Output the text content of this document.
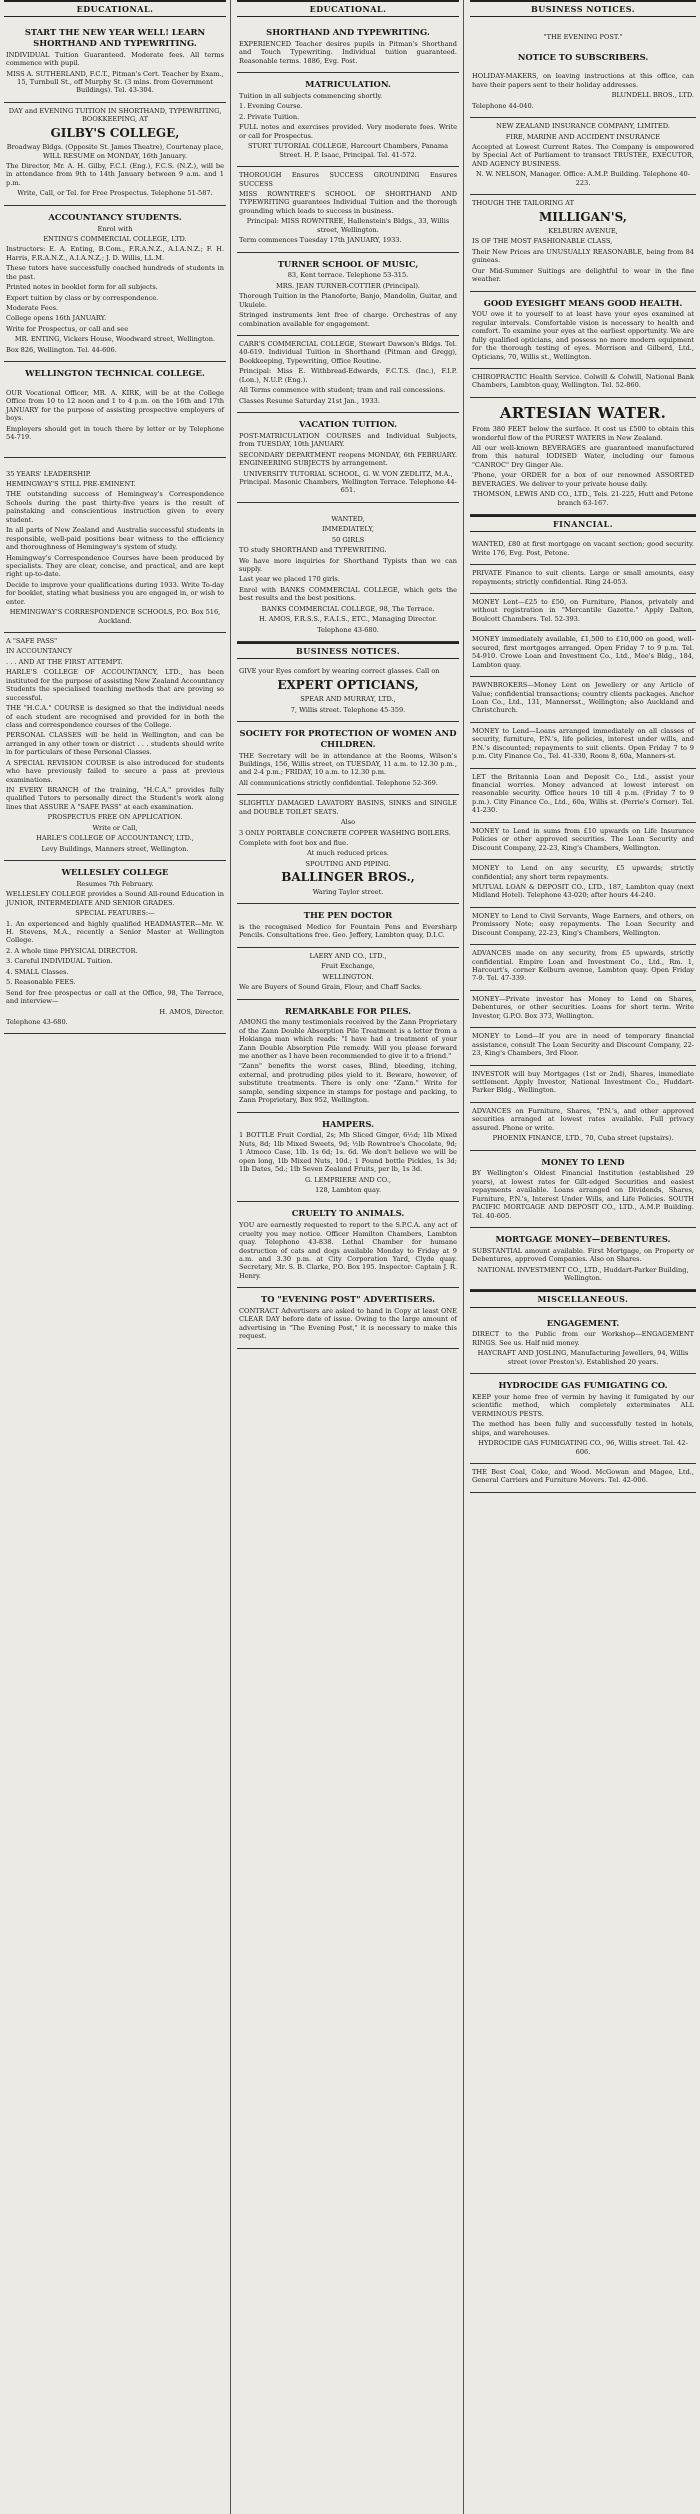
EDUCATIONAL.

START THE NEW YEAR WELL! LEARN SHORTHAND AND TYPEWRITING.

INDIVIDUAL Tuition Guaranteed. Moderate fees. All terms commence with pupil.

MISS A. SUTHERLAND, F.C.T., Pitman's Cert. Teacher by Exam., 15, Turnbull St., off Murphy St. (3 mins. from Government Buildings). Tel. 43-304.

DAY and EVENING TUITION IN SHORTHAND, TYPEWRITING, BOOKKEEPING, AT

GILBY'S COLLEGE,

Broadway Bldgs. (Opposite St. James Theatre), Courtenay place, WILL RESUME on MONDAY, 16th January.

The Director, Mr. A. H. Gilby, F.C.I. (Eng.), F.C.S. (N.Z.), will be in attendance from 9th to 14th January between 9 a.m. and 1 p.m.

Write, Call, or Tel. for Free Prospectus. Telephone 51-587.

ACCOUNTANCY STUDENTS.

Enrol with

ENTING'S COMMERCIAL COLLEGE, LTD.

Instructors: E. A. Enting, B.Com., F.R.A.N.Z., A.I.A.N.Z.; F. H. Harris, F.R.A.N.Z., A.I.A.N.Z.; J. D. Willis, LL.M.

These tutors have successfully coached hundreds of students in the past.

Printed notes in booklet form for all subjects.

Expert tuition by class or by correspondence.

Moderate Fees.

College opens 16th JANUARY.

Write for Prospectus, or call and see

MR. ENTING, Vickers House, Woodward street, Wellington.

Box 826, Wellington. Tel. 44-606.

WELLINGTON TECHNICAL COLLEGE.

OUR Vocational Officer, MR. A. KIRK, will be at the College Office from 10 to 12 noon and 1 to 4 p.m. on the 16th and 17th JANUARY for the purpose of assisting prospective employers of boys.

Employers should get in touch there by letter or by Telephone 54-719.

35 YEARS' LEADERSHIP.

HEMINGWAY'S STILL PRE-EMINENT.

THE outstanding success of Hemingway's Correspondence Schools during the past thirty-five years is the result of painstaking and conscientious instruction given to every student.

In all parts of New Zealand and Australia successful students in responsible, well-paid positions bear witness to the efficiency and thoroughness of Hemingway's system of study.

Hemingway's Correspondence Courses have been produced by specialists. They are clear, concise, and practical, and are kept right up-to-date.

Decide to improve your qualifications during 1933. Write To-day for booklet, stating what business you are engaged in, or wish to enter.

HEMINGWAY'S CORRESPONDENCE SCHOOLS, P.O. Box 516, Auckland.

A "SAFE PASS"

IN ACCOUNTANCY

. . . AND AT THE FIRST ATTEMPT.

HARLE'S COLLEGE OF ACCOUNTANCY, LTD., has been instituted for the purpose of assisting New Zealand Accountancy Students the specialised teaching methods that are proving so successful.

THE "H.C.A." COURSE is designed so that the individual needs of each student are recognised and provided for in both the class and correspondence courses of the College.

PERSONAL CLASSES will be held in Wellington, and can be arranged in any other town or district . . . students should write in for particulars of these Personal Classes.

A SPECIAL REVISION COURSE is also introduced for students who have previously failed to secure a pass at previous examinations.

IN EVERY BRANCH of the training, "H.C.A." provides fully qualified Tutors to personally direct the Student's work along lines that ASSURE A "SAFE PASS" at each examination.

PROSPECTUS FREE ON APPLICATION.

Write or Call,

HARLE'S COLLEGE OF ACCOUNTANCY, LTD.,

Levy Buildings, Manners street, Wellington.

WELLESLEY COLLEGE

Resumes 7th February.

WELLESLEY COLLEGE provides a Sound All-round Education in JUNIOR, INTERMEDIATE AND SENIOR GRADES.

SPECIAL FEATURES:—

1. An experienced and highly qualified HEADMASTER—Mr. W. H. Stevens, M.A., recently a Senior Master at Wellington College.

2. A whole time PHYSICAL DIRECTOR.

3. Careful INDIVIDUAL Tuition.

4. SMALL Classes.

5. Reasonable FEES.

Send for free prospectus or call at the Office, 98, The Terrace, and interview—

H. AMOS, Director.

Telephone 43-680.

EDUCATIONAL.

SHORTHAND AND TYPEWRITING.

EXPERIENCED Teacher desires pupils in Pitman's Shorthand and Touch Typewriting. Individual tuition guaranteed. Reasonable terms. 1886, Evg. Post.

MATRICULATION.

Tuition in all subjects commencing shortly.

1. Evening Course.

2. Private Tuition.

FULL notes and exercises provided. Very moderate fees. Write or call for Prospectus.

STURT TUTORIAL COLLEGE, Harcourt Chambers, Panama Street. H. P. Isaac, Principal. Tel. 41-572.

THOROUGH Ensures SUCCESS GROUNDING Ensures SUCCESS

MISS ROWNTREE'S SCHOOL OF SHORTHAND AND TYPEWRITING guarantees Individual Tuition and the thorough grounding which leads to success in business.

Principal: MISS ROWNTREE, Hallenstein's Bldgs., 33, Willis street, Wellington.

Term commences Tuesday 17th JANUARY, 1933.

TURNER SCHOOL OF MUSIC,

83, Kent terrace. Telephone 53-315.

MRS. JEAN TURNER-COTTIER (Principal).

Thorough Tuition in the Pianoforte, Banjo, Mandolin, Guitar, and Ukulele.

Stringed instruments lent free of charge. Orchestras of any combination available for engagement.

CARR'S COMMERCIAL COLLEGE, Stewart Dawson's Bldgs. Tel. 40-619. Individual Tuition in Shorthand (Pitman and Gregg), Bookkeeping, Typewriting, Office Routine.

Principal: Miss E. Withbread-Edwards, F.C.T.S. (Inc.), F.I.P. (Lon.), N.U.P. (Eng.).

All Terms commence with student; tram and rail concessions.

Classes Resume Saturday 21st Jan., 1933.

VACATION TUITION.

POST-MATRICULATION COURSES and Individual Subjects, from TUESDAY, 10th JANUARY.

SECONDARY DEPARTMENT reopens MONDAY, 6th FEBRUARY. ENGINEERING SUBJECTS by arrangement.

UNIVERSITY TUTORIAL SCHOOL, G. W. VON ZEDLITZ, M.A., Principal. Masonic Chambers, Wellington Terrace. Telephone 44-651.

WANTED,

IMMEDIATELY,

50 GIRLS

TO study SHORTHAND and TYPEWRITING.

We have more inquiries for Shorthand Typists than we can supply.

Last year we placed 170 girls.

Enrol with BANKS COMMERCIAL COLLEGE, which gets the best results and the best positions.

BANKS COMMERCIAL COLLEGE, 98, The Terrace.

H. AMOS, F.R.S.S., F.A.I.S., ETC., Managing Director.

Telephone 43-680.

BUSINESS NOTICES.

GIVE your Eyes comfort by wearing correct glasses. Call on

EXPERT OPTICIANS,

SPEAR AND MURRAY, LTD.,

7, Willis street. Telephone 45-359.

SOCIETY FOR PROTECTION OF WOMEN AND CHILDREN.

THE Secretary will be in attendance at the Rooms, Wilson's Buildings, 156, Willis street, on TUESDAY, 11 a.m. to 12.30 p.m., and 2-4 p.m.; FRIDAY, 10 a.m. to 12.30 p.m.

All communications strictly confidential. Telephone 52-369.

SLIGHTLY DAMAGED LAVATORY BASINS, SINKS and SINGLE and DOUBLE TOILET SEATS.

Also

3 ONLY PORTABLE CONCRETE COPPER WASHING BOILERS.

Complete with foot box and flue.

At much reduced prices.

SPOUTING AND PIPING.

BALLINGER BROS.,

Waring Taylor street.

THE PEN DOCTOR

is the recognised Medico for Fountain Pens and Eversharp Pencils. Consultations free. Geo. Jeffery, Lambton quay, D.I.C.

LAERY AND CO., LTD.,

Fruit Exchange,

WELLINGTON.

We are Buyers of Sound Grain, Flour, and Chaff Sacks.

REMARKABLE FOR PILES.

AMONG the many testimonials received by the Zann Proprietary of the Zann Double Absorption Pile Treatment is a letter from a Hokianga man which reads: "I have had a treatment of your Zann Double Absorption Pile remedy. Will you please forward me another as I have been recommended to give it to a friend."

"Zann" benefits the worst cases, Blind, bleeding, itching, external, and protruding piles yield to it. Beware, however, of substitute treatments. There is only one "Zann." Write for sample, sending sixpence in stamps for postage and packing, to Zann Proprietary, Box 952, Wellington.

HAMPERS.

1 BOTTLE Fruit Cordial, 2s; Mb Sliced Ginger, 6½d; 1lb Mixed Nuts, 8d; 1lb Mixed Sweets, 9d; ½lb Rowntree's Chocolate, 9d; 1 Atmoco Case, 1lb. 1s 6d; 1s. 6d. We don't believe we will be open long, 1lb Mixed Nuts, 10d.; 1 Pound bottle Pickles, 1s 3d; 1lb Dates, 5d.; 1lb Seven Zealand Fruits, per lb, 1s 3d.

G. LEMPRIERE AND CO.,

128, Lambton quay.

CRUELTY TO ANIMALS.

YOU are earnestly requested to report to the S.P.C.A. any act of cruelty you may notice. Officer Hamilton Chambers, Lambton quay. Telephone 43-838. Lethal Chamber for humane destruction of cats and dogs available Monday to Friday at 9 a.m. and 3.30 p.m. at City Corporation Yard, Clyde quay. Secretary, Mr. S. B. Clarke, P.O. Box 195. Inspector: Captain J. R. Henry.

TO "EVENING POST" ADVERTISERS.

CONTRACT Advertisers are asked to hand in Copy at least ONE CLEAR DAY before date of issue. Owing to the large amount of advertising in "The Evening Post," it is necessary to make this request.

BUSINESS NOTICES.

"THE EVENING POST."

NOTICE TO SUBSCRIBERS.

HOLIDAY-MAKERS, on leaving instructions at this office, can have their papers sent to their holiday addresses.

BLUNDELL BROS., LTD.

Telephone 44-040.

NEW ZEALAND INSURANCE COMPANY, LIMITED.

FIRE, MARINE AND ACCIDENT INSURANCE

Accepted at Lowest Current Rates. The Company is empowered by Special Act of Parliament to transact TRUSTEE, EXECUTOR, AND AGENCY BUSINESS.

N. W. NELSON, Manager. Office: A.M.P. Building. Telephone 40-223.

THOUGH THE TAILORING AT

MILLIGAN'S,

KELBURN AVENUE,

IS OF THE MOST FASHIONABLE CLASS,

Their New Prices are UNUSUALLY REASONABLE, being from 84 guineas.

Our Mid-Summer Suitings are delightful to wear in the fine weather.

GOOD EYESIGHT MEANS GOOD HEALTH.

YOU owe it to yourself to at least have your eyes examined at regular intervals. Comfortable vision is necessary to health and comfort. To examine your eyes at the earliest opportunity. We are fully qualified opticians, and possess no more modern equipment for the thorough testing of eyes. Morrison and Gilberd, Ltd., Opticians, 70, Willis st., Wellington.

CHIROPRACTIC Health Service. Colwill & Colwill, National Bank Chambers, Lambton quay, Wellington. Tel. 52-860.

ARTESIAN WATER.

From 380 FEET below the surface. It cost us £500 to obtain this wonderful flow of the PUREST WATERS in New Zealand.

All our well-known BEVERAGES are guaranteed manufactured from this natural IODISED Water, including our famous "CANROC" Dry Ginger Ale.

'Phone, your ORDER for a box of our renowned ASSORTED BEVERAGES. We deliver to your private house daily.

THOMSON, LEWIS AND CO., LTD., Tels. 21-225, Hutt and Petone branch 63-167.

FINANCIAL.

WANTED, £80 at first mortgage on vacant section; good security. Write 176, Evg. Post, Petone.

PRIVATE Finance to suit clients. Large or small amounts, easy repayments; strictly confidential. Ring 24-053.

MONEY Lent—£25 to £50, on Furniture, Pianos, privately and without registration in "Mercantile Gazette." Apply Dalton, Boulcott Chambers. Tel. 52-393.

MONEY immediately available, £1,500 to £10,000 on good, well-secured, first mortgages arranged. Open Friday 7 to 9 p.m. Tel. 54-910. Crowe Loan and Investment Co., Ltd., Mee's Bldg., 184, Lambton quay.

PAWNBROKERS—Money Lent on Jewellery or any Article of Value; confidential transactions; country clients packages. Anchor Loan Co., Ltd., 131, Mannersst., Wellington; also Auckland and Christchurch.

MONEY to Lend—Loans arranged immediately on all classes of security, furniture, P.N.'s, life policies, interest under wills, and P.N.'s discounted; repayments to suit clients. Open Friday 7 to 9 p.m. City Finance Co., Tel. 41-330, Room 8, 60a, Manners-st.

LET the Britannia Loan and Deposit Co., Ltd., assist your financial worries. Money advanced at lowest interest on reasonable security. Office hours 10 till 4 p.m. (Friday 7 to 9 p.m.). City Finance Co., Ltd., 60a, Willis st. (Perrie's Corner). Tel. 41-230.

MONEY to Lend in sums from £10 upwards on Life Insurance Policies or other approved securities. The Loan Security and Discount Company, 22-23, King's Chambers, Wellington.

MONEY to Lend on any security, £5 upwards; strictly confidential; any short term repayments.

MUTUAL LOAN & DEPOSIT CO., LTD., 187, Lambton quay (next Midland Hotel). Telephone 43-020; after hours 44-240.

MONEY to Lend to Civil Servants, Wage Earners, and others, on Promissory Note; easy repayments. The Loan Security and Discount Company, 22-23, King's Chambers, Wellington.

ADVANCES made on any security, from £5 upwards, strictly confidential. Empire Loan and Investment Co., Ltd., Rm. 1, Harcourt's, corner Kelburn avenue, Lambton quay. Open Friday 7-9. Tel. 47-339.

MONEY—Private investor has Money to Lend on Shares, Debentures, or other securities. Loans for short term. Write Investor, G.P.O. Box 373, Wellington.

MONEY to Lend—If you are in need of temporary financial assistance, consult The Loan Security and Discount Company, 22-23, King's Chambers, 3rd Floor.

INVESTOR will buy Mortgages (1st or 2nd), Shares, immediate settlement. Apply Investor, National Investment Co., Huddart-Parker Bldg., Wellington.

ADVANCES on Furniture, Shares, "P.N.'s, and other approved securities arranged at lowest rates available. Full privacy assured. Phone or write.

PHOENIX FINANCE, LTD., 70, Cuba street (upstairs).

MONEY TO LEND

BY Wellington's Oldest Financial Institution (established 29 years), at lowest rates for Gilt-edged Securities and easiest repayments available. Loans arranged on Dividends, Shares, Furniture, P.N.'s, Interest Under Wills, and Life Policies. SOUTH PACIFIC MORTGAGE AND DEPOSIT CO., LTD., A.M.P. Building. Tel. 40-605.

MORTGAGE MONEY—DEBENTURES.

SUBSTANTIAL amount available. First Mortgage, on Property or Debentures, approved Companies. Also on Shares.

NATIONAL INVESTMENT CO., LTD., Huddart-Parker Building, Wellington.

MISCELLANEOUS.

ENGAGEMENT.

DIRECT to the Public from our Workshop—ENGAGEMENT RINGS. See us. Half mid money.

HAYCRAFT AND JOSLING, Manufacturing Jewellers, 94, Willis street (over Preston's). Established 20 years.

HYDROCIDE GAS FUMIGATING CO.

KEEP your home free of vermin by having it fumigated by our scientific method, which completely exterminates ALL VERMINOUS PESTS.

The method has been fully and successfully tested in hotels, ships, and warehouses.

HYDROCIDE GAS FUMIGATING CO., 96, Willis street. Tel. 42-606.

THE Best Coal, Coke, and Wood. McGowan and Magee, Ltd., General Carriers and Furniture Movers. Tel. 42-006.
